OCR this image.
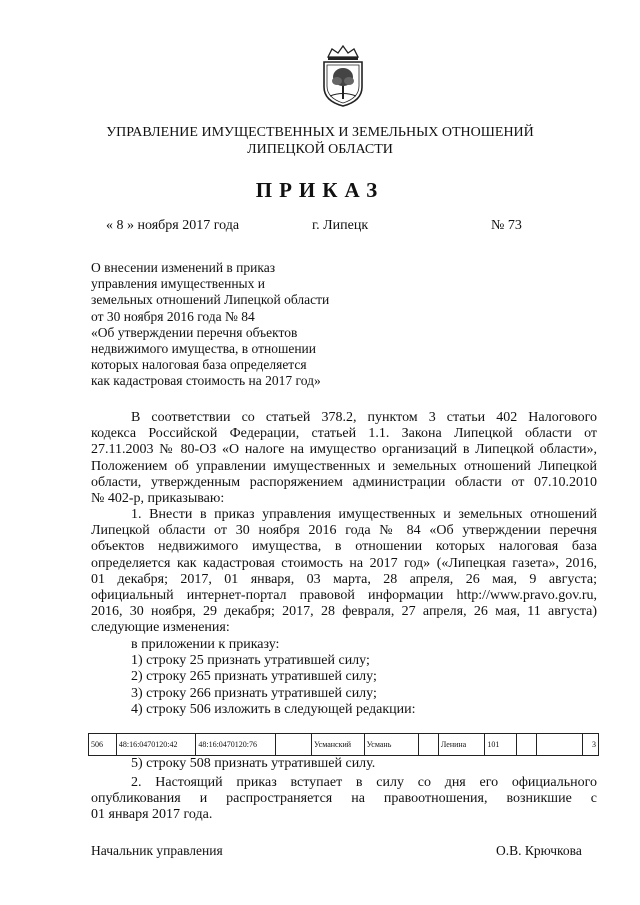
УПРАВЛЕНИЕ ИМУЩЕСТВЕННЫХ И ЗЕМЕЛЬНЫХ ОТНОШЕНИЙ
ЛИПЕЦКОЙ ОБЛАСТИ
ПРИКАЗ
« 8 » ноября 2017 года	г. Липецк	№ 73
О внесении изменений в приказ
управления имущественных и
земельных отношений Липецкой области
от 30 ноября 2016 года № 84
«Об утверждении перечня объектов
недвижимого имущества, в отношении
которых налоговая база определяется
как кадастровая стоимость на 2017 год»
В соответствии со статьей 378.2, пунктом 3 статьи 402 Налогового
кодекса Российской Федерации, статьей 1.1. Закона Липецкой области от
27.11.2003 № 80-ОЗ «О налоге на имущество организаций в Липецкой области»,
Положением об управлении имущественных и земельных отношений Липецкой
области, утвержденным распоряжением администрации области от 07.10.2010
№ 402-р, приказываю:
1. Внести в приказ управления имущественных и земельных отношений
Липецкой области от 30 ноября 2016 года № 84 «Об утверждении перечня
объектов недвижимого имущества, в отношении которых налоговая база
определяется как кадастровая стоимость на 2017 год» («Липецкая газета», 2016,
01 декабря; 2017, 01 января, 03 марта, 28 апреля, 26 мая, 9 августа;
официальный интернет-портал правовой информации http://www.pravo.gov.ru,
2016, 30 ноября, 29 декабря; 2017, 28 февраля, 27 апреля, 26 мая, 11 августа)
следующие изменения:
в приложении к приказу:
1) строку 25 признать утратившей силу;
2) строку 265 признать утратившей силу;
3) строку 266 признать утратившей силу;
4) строку 506 изложить в следующей редакции:
506	48:16:0470120:42	48:16:0470120:76		Усманский	Усмань		Ленина	101			3
5) строку 508 признать утратившей силу.
2. Настоящий приказ вступает в силу со дня его официального
опубликования и распространяется на правоотношения, возникшие с
01 января 2017 года.
Начальник управления	О.В. Крючкова
